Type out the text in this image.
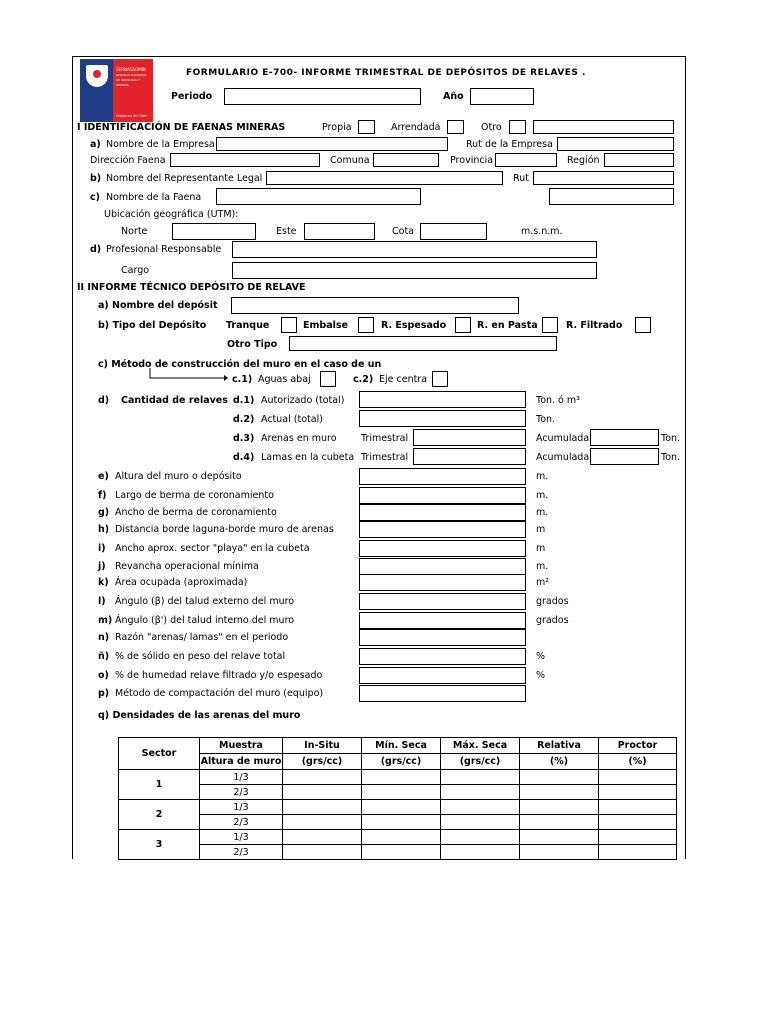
SERNAGEOMIN
SERVICIO NACIONAL DE GEOLOGÍA Y MINERÍA
Gobierno de Chile
FORMULARIO E-700- INFORME TRIMESTRAL DE DEPÓSITOS DE RELAVES .
Periodo	Año
I IDENTIFICACIÓN DE FAENAS MINERAS	Propia	Arrendada	Otro
a) Nombre de la Empresa	Rut de la Empresa
Dirección Faena	Comuna	Provincia	Región
b) Nombre del Representante Legal	Rut
c) Nombre de la Faena
Ubicación geográfica (UTM):
Norte	Este	Cota	m.s.n.m.
d) Profesional Responsable
Cargo
II INFORME TÉCNICO DEPÓSITO DE RELAVE
a) Nombre del depósit
b) Tipo del Depósito Tranque	Embalse	R. Espesado	R. en Pasta	R. Filtrado
Otro Tipo
c) Método de construcción del muro en el caso de un
c.1) Aguas abaj	c.2) Eje centra
d) Cantidad de relaves d.1) Autorizado (total)	Ton. ó m³
d.2) Actual (total)	Ton.
d.3) Arenas en muro	Trimestral	Acumulada	Ton.
d.4) Lamas en la cubeta Trimestral	Acumulada	Ton.
e) Altura del muro o depósito	m.
f) Largo de berma de coronamiento	m.
g) Ancho de berma de coronamiento	m.
h) Distancia borde laguna-borde muro de arenas	m
i) Ancho aprox. sector "playa" en la cubeta	m
j) Revancha operacional mínima	m.
k) Área ocupada (aproximada)	m²
l) Ángulo (β) del talud externo del muro	grados
m) Ángulo (β') del talud interno del muro	grados
n) Razón "arenas/ lamas" en el periodo
ñ) % de sólido en peso del relave total	%
o) % de humedad relave filtrado y/o espesado	%
p) Método de compactación del muro (equipo)
q) Densidades de las arenas del muro
Sector	Muestra	In-Situ	Mín. Seca	Máx. Seca	Relativa	Proctor
	Altura de muro	(grs/cc)	(grs/cc)	(grs/cc)	(%)	(%)
1	1/3					
	2/3					
2	1/3					
	2/3					
3	1/3					
	2/3					
